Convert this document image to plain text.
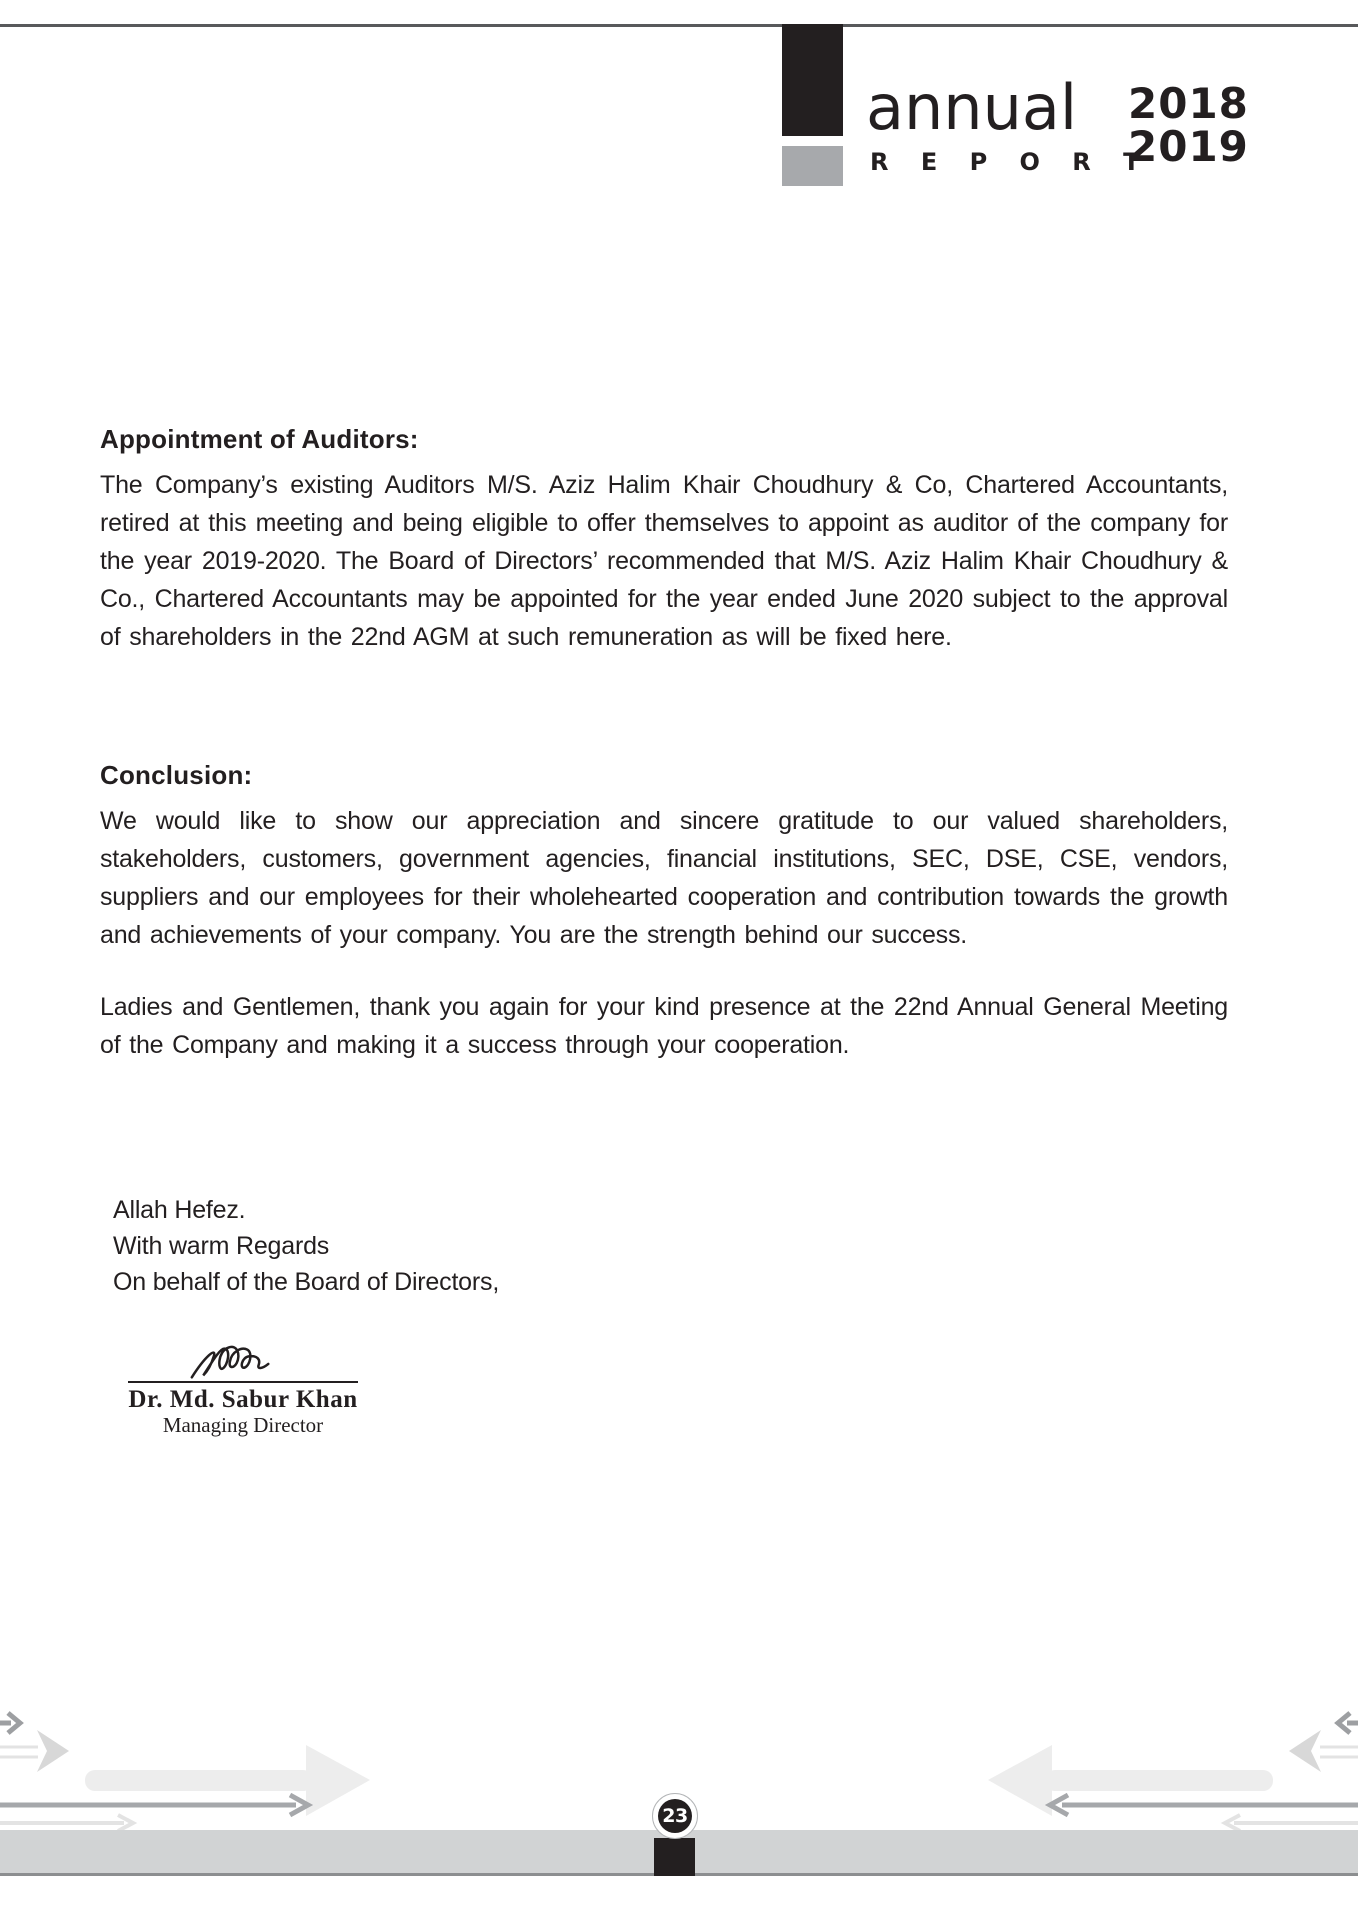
annual
R E P O R T
2018
2019
Appointment of Auditors:
The Company’s existing Auditors M/S. Aziz Halim Khair Choudhury & Co, Chartered Accountants, retired at this meeting and being eligible to offer themselves to appoint as auditor of the company for the year 2019-2020. The Board of Directors’ recommended that M/S. Aziz Halim Khair Choudhury & Co., Chartered Accountants may be appointed for the year ended June 2020 subject to the approval of shareholders in the 22nd AGM at such remuneration as will be fixed here.
Conclusion:
We would like to show our appreciation and sincere gratitude to our valued shareholders, stakeholders, customers, government agencies, financial institutions, SEC, DSE, CSE, vendors, suppliers and our employees for their wholehearted cooperation and contribution towards the growth and achievements of your company. You are the strength behind our success.
Ladies and Gentlemen, thank you again for your kind presence at the 22nd Annual General Meeting of the Company and making it a success through your cooperation.
Allah Hefez.
With warm Regards
On behalf of the Board of Directors,
Dr. Md. Sabur Khan
Managing Director
23
